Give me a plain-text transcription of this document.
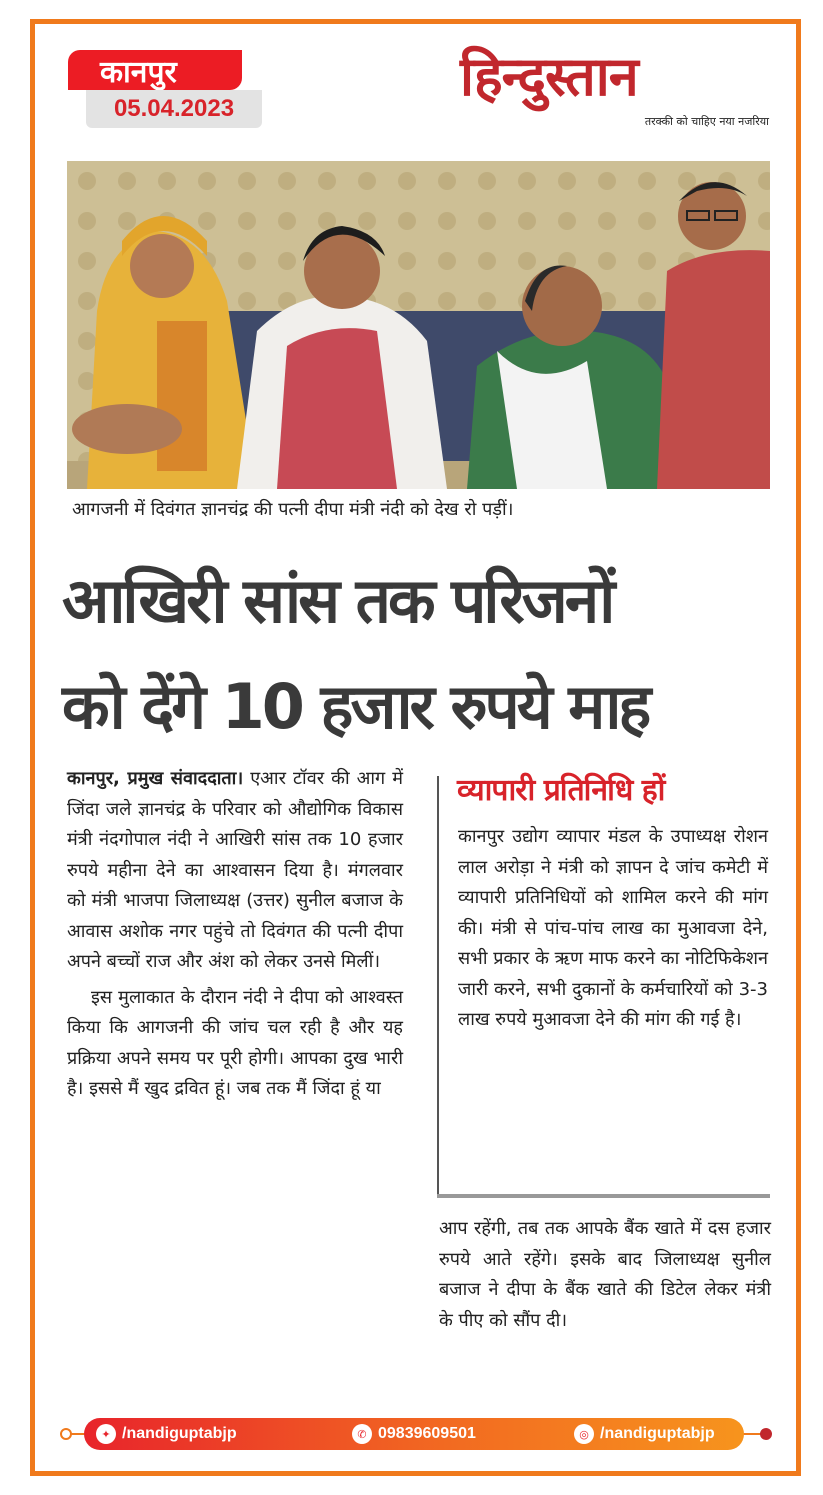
कानपुर
05.04.2023
हिन्दुस्तान
तरक्की को चाहिए नया नजरिया
आगजनी में दिवंगत ज्ञानचंद्र की पत्नी दीपा मंत्री नंदी को देख रो पड़ीं।
आखिरी सांस तक परिजनों
को देंगे 10 हजार रुपये माह

कानपुर, प्रमुख संवाददाता। एआर टॉवर की आग में जिंदा जले ज्ञानचंद्र के परिवार को औद्योगिक विकास मंत्री नंदगोपाल नंदी ने आखिरी सांस तक 10 हजार रुपये महीना देने का आश्वासन दिया है। मंगलवार को मंत्री भाजपा जिलाध्यक्ष (उत्तर) सुनील बजाज के आवास अशोक नगर पहुंचे तो दिवंगत की पत्नी दीपा अपने बच्चों राज और अंश को लेकर उनसे मिलीं।

इस मुलाकात के दौरान नंदी ने दीपा को आश्वस्त किया कि आगजनी की जांच चल रही है और यह प्रक्रिया अपने समय पर पूरी होगी। आपका दुख भारी है। इससे मैं खुद द्रवित हूं। जब तक मैं जिंदा हूं या

व्यापारी प्रतिनिधि हों
कानपुर उद्योग व्यापार मंडल के उपाध्यक्ष रोशन लाल अरोड़ा ने मंत्री को ज्ञापन दे जांच कमेटी में व्यापारी प्रतिनिधियों को शामिल करने की मांग की। मंत्री से पांच-पांच लाख का मुआवजा देने, सभी प्रकार के ऋण माफ करने का नोटिफिकेशन जारी करने, सभी दुकानों के कर्मचारियों को 3-3 लाख रुपये मुआवजा देने की मांग की गई है।
आप रहेंगी, तब तक आपके बैंक खाते में दस हजार रुपये आते रहेंगे। इसके बाद जिलाध्यक्ष सुनील बजाज ने दीपा के बैंक खाते की डिटेल लेकर मंत्री के पीए को सौंप दी।
✦ /nandiguptabjp	✆ 09839609501	◎ /nandiguptabjp
